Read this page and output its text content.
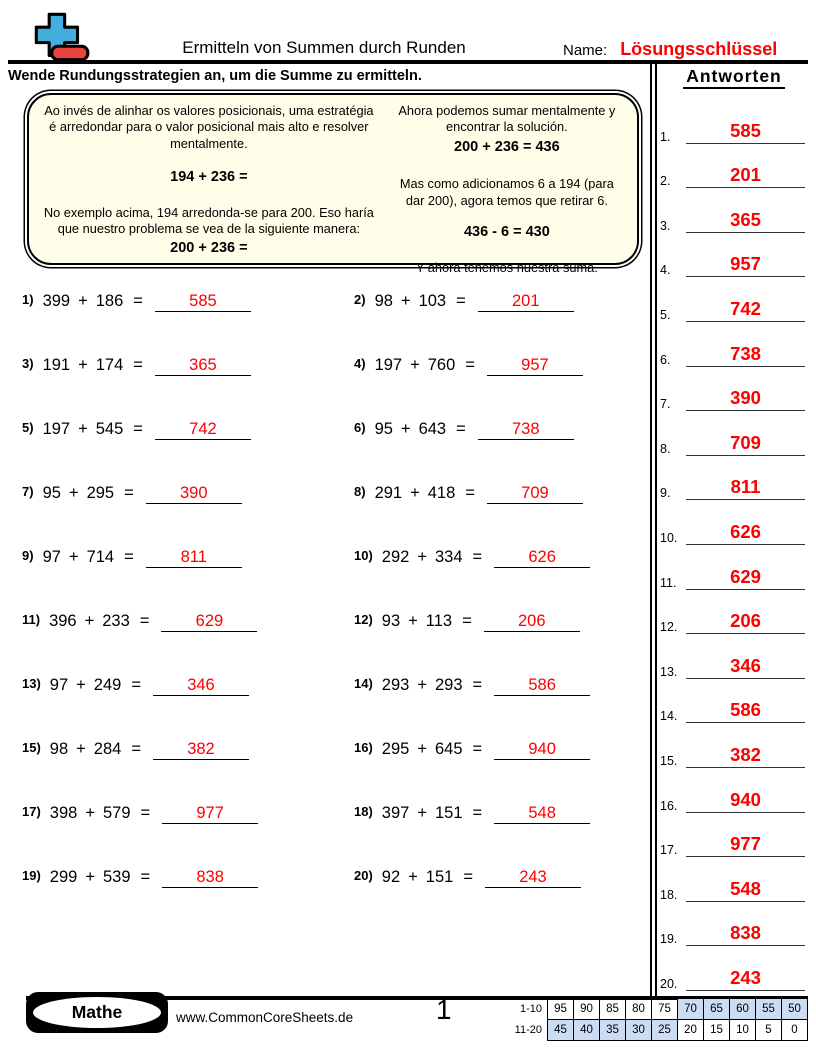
Ermitteln von Summen durch Runden	Name: Lösungsschlüssel
Wende Rundungsstrategien an, um die Summe zu ermitteln.
Ao invés de alinhar os valores posicionais, uma estratégia é arredondar para o valor posicional mais alto e resolver mentalmente.
194 + 236 =
No exemplo acima, 194 arredonda-se para 200. Eso haría que nuestro problema se vea de la siguiente manera:
200 + 236 =
Ahora podemos sumar mentalmente y encontrar la solución.
200 + 236 = 436
Mas como adicionamos 6 a 194 (para dar 200), agora temos que retirar 6.
436 - 6 = 430
Y ahora tenemos nuestra suma.
1) 399 + 186 =	585	2) 98 + 103 =	201
3) 191 + 174 =	365	4) 197 + 760 =	957
5) 197 + 545 =	742	6) 95 + 643 =	738
7) 95 + 295 =	390	8) 291 + 418 =	709
9) 97 + 714 =	811	10) 292 + 334 =	626
11) 396 + 233 =	629	12) 93 + 113 =	206
13) 97 + 249 =	346	14) 293 + 293 =	586
15) 98 + 284 =	382	16) 295 + 645 =	940
17) 398 + 579 =	977	18) 397 + 151 =	548
19) 299 + 539 =	838	20) 92 + 151 =	243
Antworten
1.	585
2.	201
3.	365
4.	957
5.	742
6.	738
7.	390
8.	709
9.	811
10.	626
11.	629
12.	206
13.	346
14.	586
15.	382
16.	940
17.	977
18.	548
19.	838
20.	243
Mathe	www.CommonCoreSheets.de	1	1-10	95	90	85	80	75	70	65	60	55	50
11-20	45	40	35	30	25	20	15	10	5	0
